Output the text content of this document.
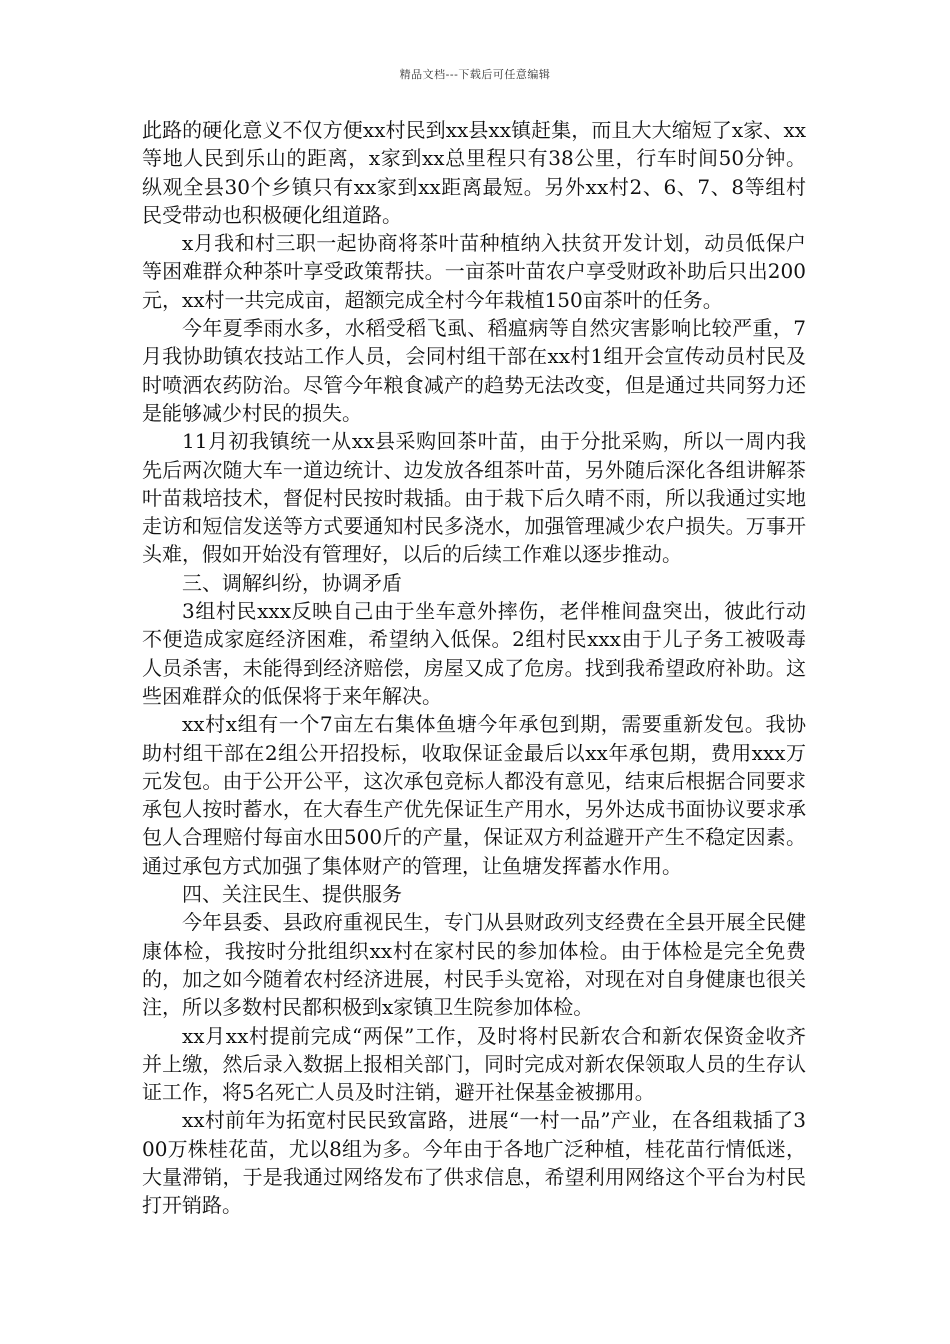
精品文档---下载后可任意编辑

此路的硬化意义不仅方便xx村民到xx县xx镇赶集，而且大大缩短了x家、xx等地人民到乐山的距离，x家到xx总里程只有38公里，行车时间50分钟。纵观全县30个乡镇只有xx家到xx距离最短。另外xx村2、6、7、8等组村民受带动也积极硬化组道路。

x月我和村三职一起协商将茶叶苗种植纳入扶贫开发计划，动员低保户等困难群众种茶叶享受政策帮扶。一亩茶叶苗农户享受财政补助后只出200元，xx村一共完成亩，超额完成全村今年栽植150亩茶叶的任务。

今年夏季雨水多，水稻受稻飞虱、稻瘟病等自然灾害影响比较严重，7月我协助镇农技站工作人员，会同村组干部在xx村1组开会宣传动员村民及时喷洒农药防治。尽管今年粮食减产的趋势无法改变，但是通过共同努力还是能够减少村民的损失。

11月初我镇统一从xx县采购回茶叶苗，由于分批采购，所以一周内我先后两次随大车一道边统计、边发放各组茶叶苗，另外随后深化各组讲解茶叶苗栽培技术，督促村民按时栽插。由于栽下后久晴不雨，所以我通过实地走访和短信发送等方式要通知村民多浇水，加强管理减少农户损失。万事开头难，假如开始没有管理好，以后的后续工作难以逐步推动。

三、调解纠纷，协调矛盾

3组村民xxx反映自己由于坐车意外摔伤，老伴椎间盘突出，彼此行动不便造成家庭经济困难，希望纳入低保。2组村民xxx由于儿子务工被吸毒人员杀害，未能得到经济赔偿，房屋又成了危房。找到我希望政府补助。这些困难群众的低保将于来年解决。

xx村x组有一个7亩左右集体鱼塘今年承包到期，需要重新发包。我协助村组干部在2组公开招投标，收取保证金最后以xx年承包期，费用xxx万元发包。由于公开公平，这次承包竞标人都没有意见，结束后根据合同要求承包人按时蓄水，在大春生产优先保证生产用水，另外达成书面协议要求承包人合理赔付每亩水田500斤的产量，保证双方利益避开产生不稳定因素。通过承包方式加强了集体财产的管理，让鱼塘发挥蓄水作用。

四、关注民生、提供服务

今年县委、县政府重视民生，专门从县财政列支经费在全县开展全民健康体检，我按时分批组织xx村在家村民的参加体检。由于体检是完全免费的，加之如今随着农村经济进展，村民手头宽裕，对现在对自身健康也很关注，所以多数村民都积极到x家镇卫生院参加体检。

xx月xx村提前完成“两保”工作，及时将村民新农合和新农保资金收齐并上缴，然后录入数据上报相关部门，同时完成对新农保领取人员的生存认证工作，将5名死亡人员及时注销，避开社保基金被挪用。

xx村前年为拓宽村民民致富路，进展“一村一品”产业，在各组栽插了300万株桂花苗，尤以8组为多。今年由于各地广泛种植，桂花苗行情低迷，大量滞销，于是我通过网络发布了供求信息，希望利用网络这个平台为村民打开销路。
